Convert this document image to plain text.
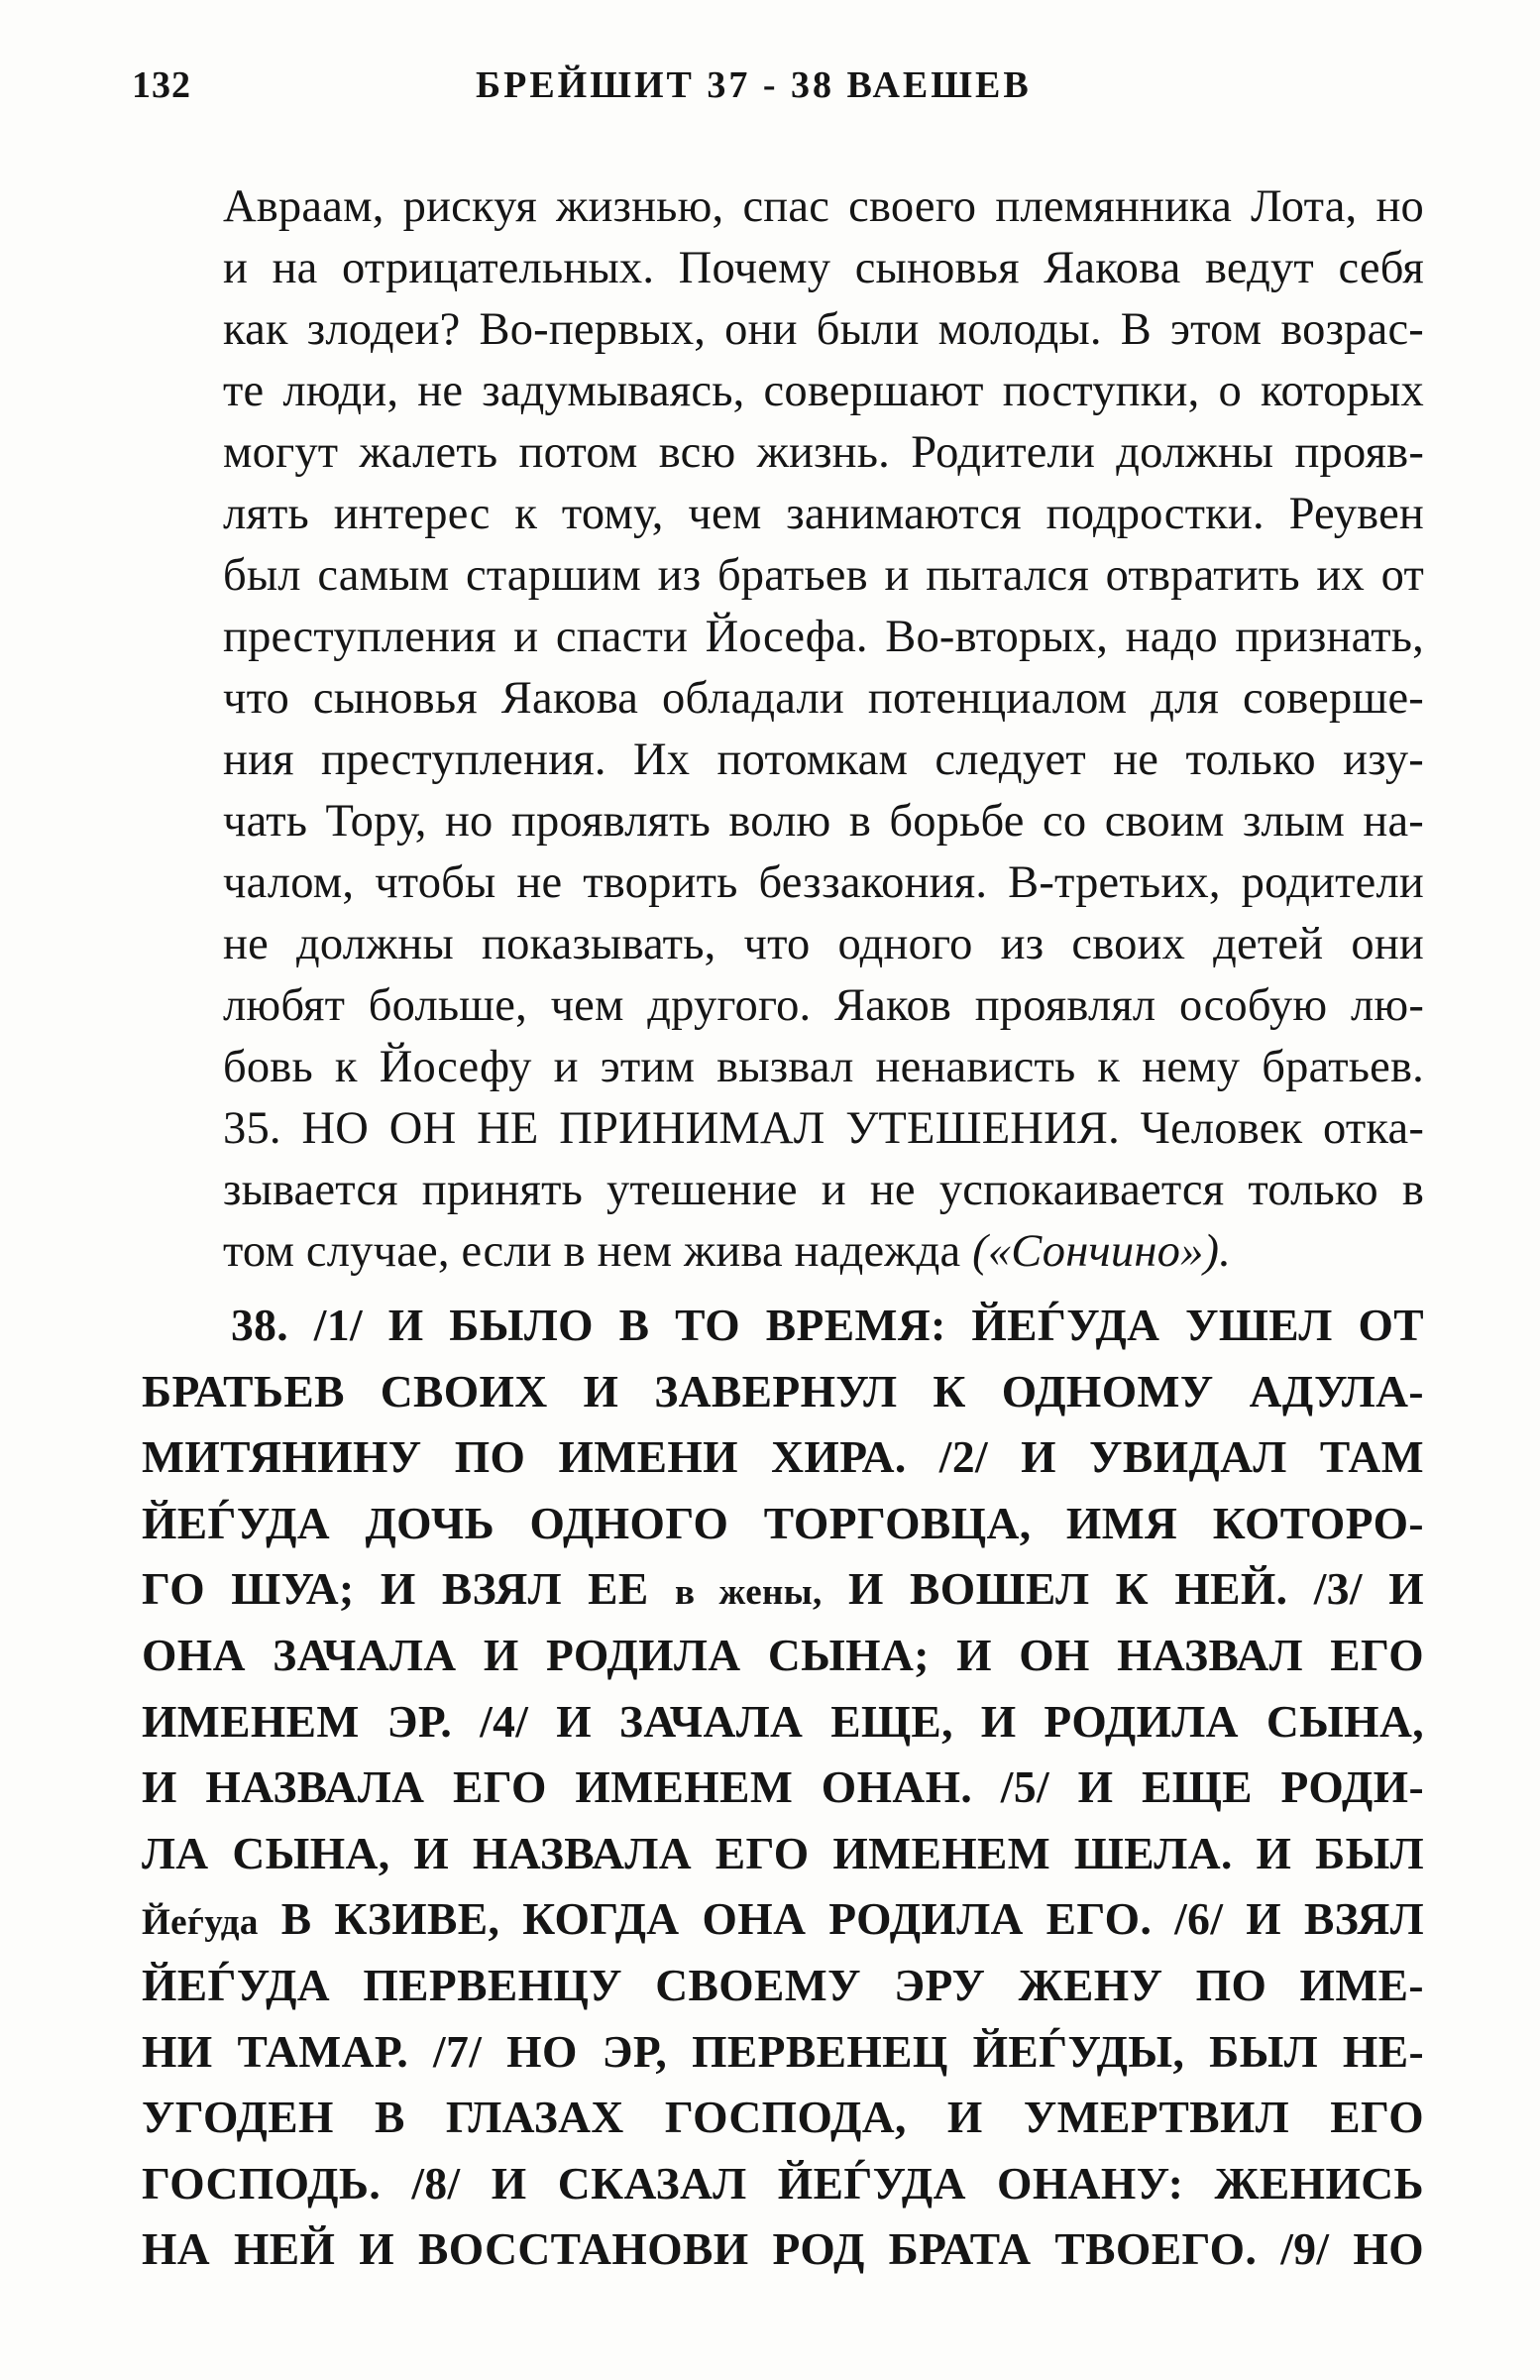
132	БРЕЙШИТ 37 - 38 ВАЕШЕВ
Авраам, рискуя жизнью, спас своего племянника Лота, но
и на отрицательных. Почему сыновья Яакова ведут себя
как злодеи? Во-первых, они были молоды. В этом возрас-
те люди, не задумываясь, совершают поступки, о которых
могут жалеть потом всю жизнь. Родители должны прояв-
лять интерес к тому, чем занимаются подростки. Реувен
был самым старшим из братьев и пытался отвратить их от
преступления и спасти Йосефа. Во-вторых, надо признать,
что сыновья Яакова обладали потенциалом для соверше-
ния преступления. Их потомкам следует не только изу-
чать Тору, но проявлять волю в борьбе со своим злым на-
чалом, чтобы не творить беззакония. В-третьих, родители
не должны показывать, что одного из своих детей они
любят больше, чем другого. Яаков проявлял особую лю-
бовь к Йосефу и этим вызвал ненависть к нему братьев.
35. НО ОН НЕ ПРИНИМАЛ УТЕШЕНИЯ. Человек отка-
зывается принять утешение и не успокаивается только в
том случае, если в нем жива надежда («Сончино»).
38. /1/ И БЫЛО В ТО ВРЕМЯ: ЙЕЃУДА УШЕЛ ОТ
БРАТЬЕВ СВОИХ И ЗАВЕРНУЛ К ОДНОМУ АДУЛА-
МИТЯНИНУ ПО ИМЕНИ ХИРА. /2/ И УВИДАЛ ТАМ
ЙЕЃУДА ДОЧЬ ОДНОГО ТОРГОВЦА, ИМЯ КОТОРО-
ГО ШУА; И ВЗЯЛ ЕЕ в жены, И ВОШЕЛ К НЕЙ. /3/ И
ОНА ЗАЧАЛА И РОДИЛА СЫНА; И ОН НАЗВАЛ ЕГО
ИМЕНЕМ ЭР. /4/ И ЗАЧАЛА ЕЩЕ, И РОДИЛА СЫНА,
И НАЗВАЛА ЕГО ИМЕНЕМ ОНАН. /5/ И ЕЩЕ РОДИ-
ЛА СЫНА, И НАЗВАЛА ЕГО ИМЕНЕМ ШЕЛА. И БЫЛ
Йеѓуда В КЗИВЕ, КОГДА ОНА РОДИЛА ЕГО. /6/ И ВЗЯЛ
ЙЕЃУДА ПЕРВЕНЦУ СВОЕМУ ЭРУ ЖЕНУ ПО ИМЕ-
НИ ТАМАР. /7/ НО ЭР, ПЕРВЕНЕЦ ЙЕЃУДЫ, БЫЛ НЕ-
УГОДЕН В ГЛАЗАХ ГОСПОДА, И УМЕРТВИЛ ЕГО
ГОСПОДЬ. /8/ И СКАЗАЛ ЙЕЃУДА ОНАНУ: ЖЕНИСЬ
НА НЕЙ И ВОССТАНОВИ РОД БРАТА ТВОЕГО. /9/ НО
